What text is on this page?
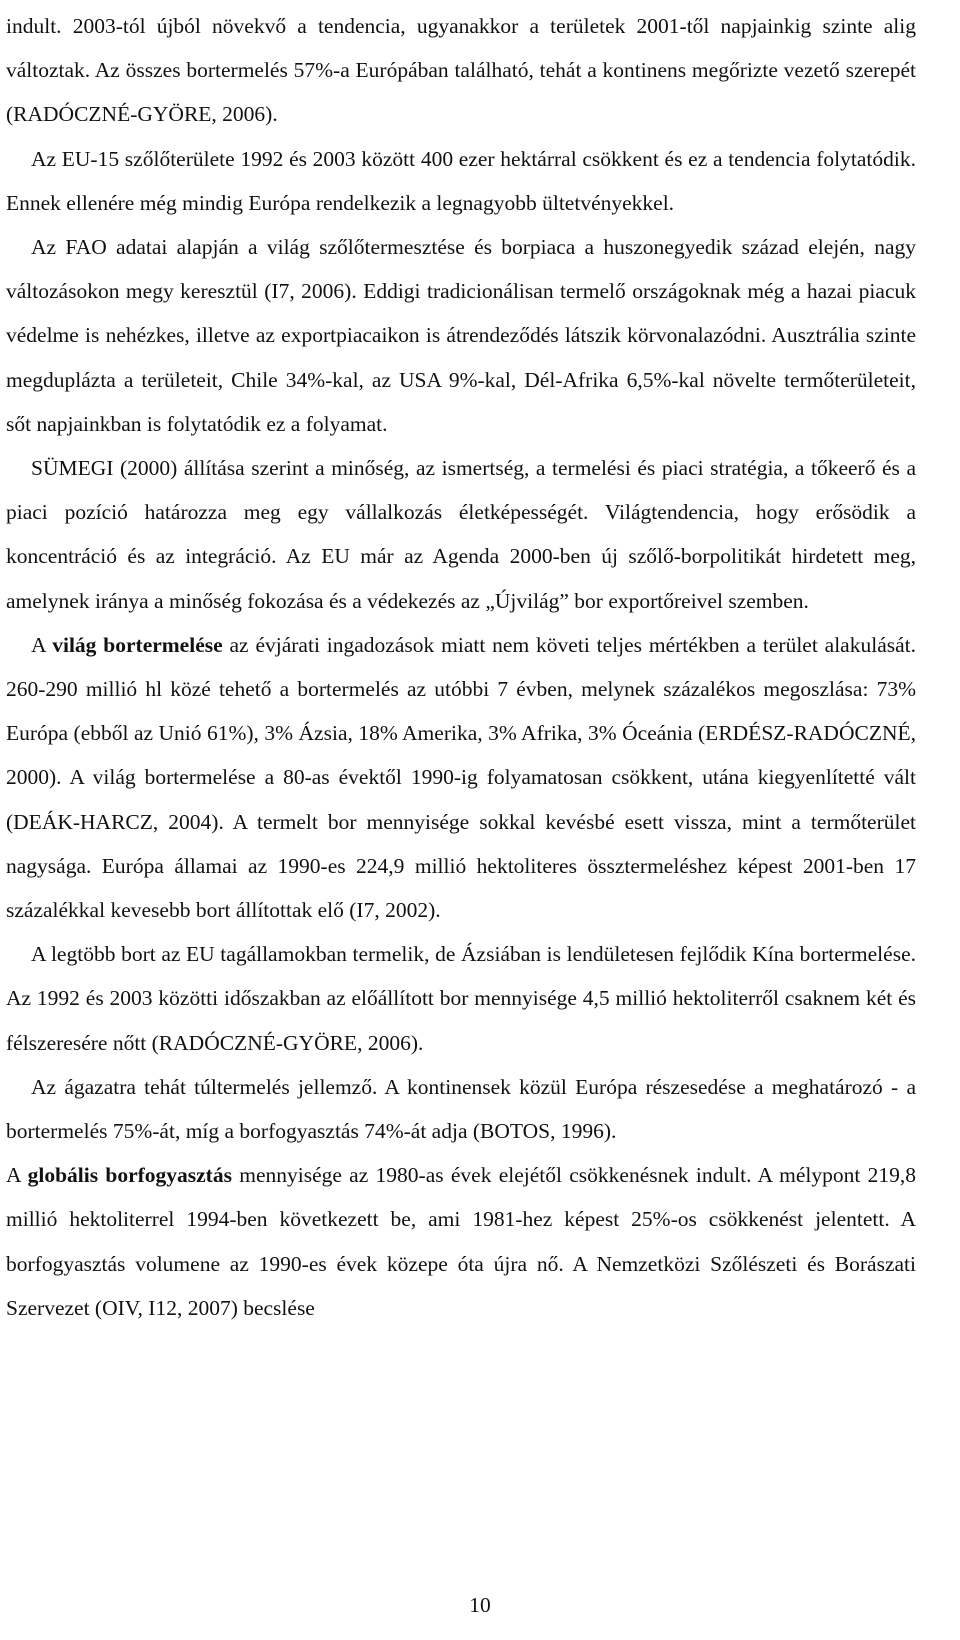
indult. 2003-tól újból növekvő a tendencia, ugyanakkor a területek 2001-től napjainkig szinte alig változtak. Az összes bortermelés 57%-a Európában található, tehát a kontinens megőrizte vezető szerepét (RADÓCZNÉ-GYÖRE, 2006).

Az EU-15 szőlőterülete 1992 és 2003 között 400 ezer hektárral csökkent és ez a tendencia folytatódik. Ennek ellenére még mindig Európa rendelkezik a legnagyobb ültetvényekkel.

Az FAO adatai alapján a világ szőlőtermesztése és borpiaca a huszonegyedik század elején, nagy változásokon megy keresztül (I7, 2006). Eddigi tradicionálisan termelő országoknak még a hazai piacuk védelme is nehézkes, illetve az exportpiacaikon is átrendeződés látszik körvonalazódni. Ausztrália szinte megduplázta a területeit, Chile 34%-kal, az USA 9%-kal, Dél-Afrika 6,5%-kal növelte termőterületeit, sőt napjainkban is folytatódik ez a folyamat.

SÜMEGI (2000) állítása szerint a minőség, az ismertség, a termelési és piaci stratégia, a tőkeerő és a piaci pozíció határozza meg egy vállalkozás életképességét. Világtendencia, hogy erősödik a koncentráció és az integráció. Az EU már az Agenda 2000-ben új szőlő-borpolitikát hirdetett meg, amelynek iránya a minőség fokozása és a védekezés az „Újvilág” bor exportőreivel szemben.

A világ bortermelése az évjárati ingadozások miatt nem követi teljes mértékben a terület alakulását. 260-290 millió hl közé tehető a bortermelés az utóbbi 7 évben, melynek százalékos megoszlása: 73% Európa (ebből az Unió 61%), 3% Ázsia, 18% Amerika, 3% Afrika, 3% Óceánia (ERDÉSZ-RADÓCZNÉ, 2000). A világ bortermelése a 80-as évektől 1990-ig folyamatosan csökkent, utána kiegyenlítetté vált (DEÁK-HARCZ, 2004). A termelt bor mennyisége sokkal kevésbé esett vissza, mint a termőterület nagysága. Európa államai az 1990-es 224,9 millió hektoliteres össztermeléshez képest 2001-ben 17 százalékkal kevesebb bort állítottak elő (I7, 2002).

A legtöbb bort az EU tagállamokban termelik, de Ázsiában is lendületesen fejlődik Kína bortermelése. Az 1992 és 2003 közötti időszakban az előállított bor mennyisége 4,5 millió hektoliterről csaknem két és félszeresére nőtt (RADÓCZNÉ-GYÖRE, 2006).

Az ágazatra tehát túltermelés jellemző. A kontinensek közül Európa részesedése a meghatározó - a bortermelés 75%-át, míg a borfogyasztás 74%-át adja (BOTOS, 1996).

A globális borfogyasztás mennyisége az 1980-as évek elejétől csökkenésnek indult. A mélypont 219,8 millió hektoliterrel 1994-ben következett be, ami 1981-hez képest 25%-os csökkenést jelentett. A borfogyasztás volumene az 1990-es évek közepe óta újra nő. A Nemzetközi Szőlészeti és Borászati Szervezet (OIV, I12, 2007) becslése

10
